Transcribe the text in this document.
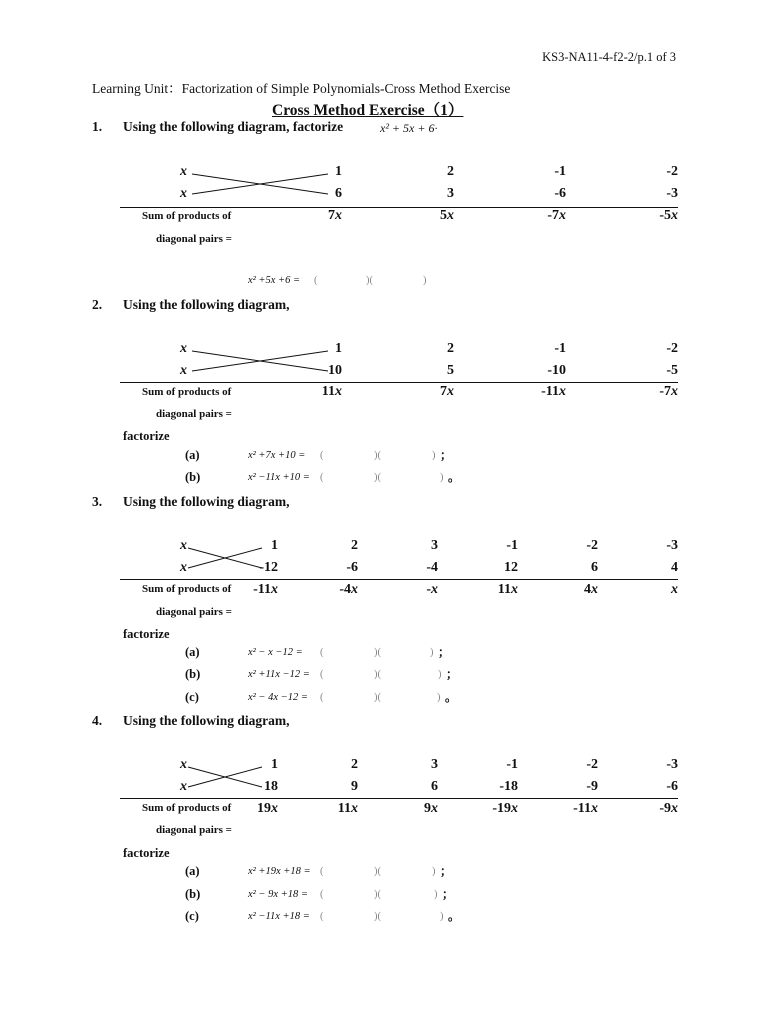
KS3-NA11-4-f2-2/p.1 of 3
Learning Unit：Factorization of Simple Polynomials-Cross Method Exercise
Cross Method Exercise（1）
1. Using the following diagram, factorize	x² + 5x + 6·
x
x
1	2	-1	-2
6	3	-6	-3
Sum of products of
diagonal pairs =
7x	5x	-7x	-5x
x² +5x +6 = (	)(	)
2. Using the following diagram,
x
x
1	2	-1	-2
10	5	-10	-5
Sum of products of
diagonal pairs =
11x	7x	-11x	-7x
factorize
(a)	x² +7x +10 = (	)(	) ；
(b)	x² −11x +10 = (	)(	) 。
3. Using the following diagram,
x
x
1	2	3	-1	-2	-3
-12	-6	-4	12	6	4
Sum of products of
diagonal pairs =
-11x	-4x	-x	11x	4x	x
factorize
(a)	x² − x −12 = (	)(	) ；
(b)	x² +11x −12 = (	)(	) ；
(c)	x² − 4x −12 = (	)(	) 。
4. Using the following diagram,
x
x
1	2	3	-1	-2	-3
18	9	6	-18	-9	-6
Sum of products of
diagonal pairs =
19x	11x	9x	-19x	-11x	-9x
factorize
(a)	x² +19x +18 = (	)(	) ；
(b)	x² − 9x +18 = (	)(	) ；
(c)	x² −11x +18 = (	)(	) 。
